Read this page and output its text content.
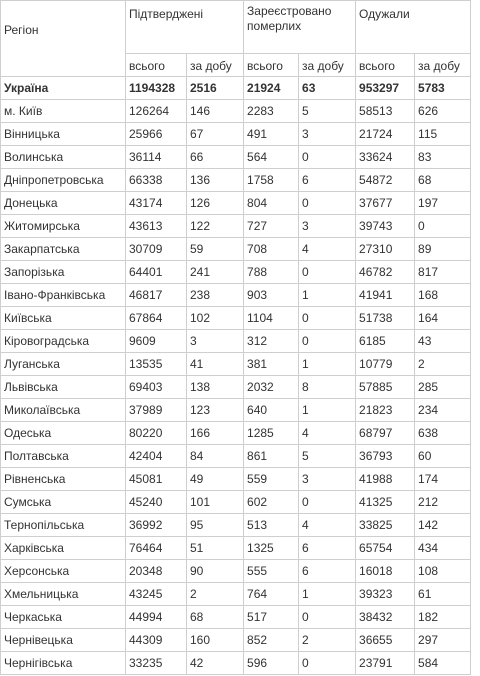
Регіон	Підтверджені		Зареєстровано померлих		Одужали	
	всього	за добу	всього	за добу	всього	за добу
Україна	1194328	2516	21924	63	953297	5783
м. Київ	126264	146	2283	5	58513	626
Вінницька	25966	67	491	3	21724	115
Волинська	36114	66	564	0	33624	83
Дніпропетровська	66338	136	1758	6	54872	68
Донецька	43174	126	804	0	37677	197
Житомирська	43613	122	727	3	39743	0
Закарпатська	30709	59	708	4	27310	89
Запорізька	64401	241	788	0	46782	817
Івано-Франківська	46817	238	903	1	41941	168
Київська	67864	102	1104	0	51738	164
Кіровоградська	9609	3	312	0	6185	43
Луганська	13535	41	381	1	10779	2
Львівська	69403	138	2032	8	57885	285
Миколаївська	37989	123	640	1	21823	234
Одеська	80220	166	1285	4	68797	638
Полтавська	42404	84	861	5	36793	60
Рівненська	45081	49	559	3	41988	174
Сумська	45240	101	602	0	41325	212
Тернопільська	36992	95	513	4	33825	142
Харківська	76464	51	1325	6	65754	434
Херсонська	20348	90	555	6	16018	108
Хмельницька	43245	2	764	1	39323	61
Черкаська	44994	68	517	0	38432	182
Чернівецька	44309	160	852	2	36655	297
Чернігівська	33235	42	596	0	23791	584
